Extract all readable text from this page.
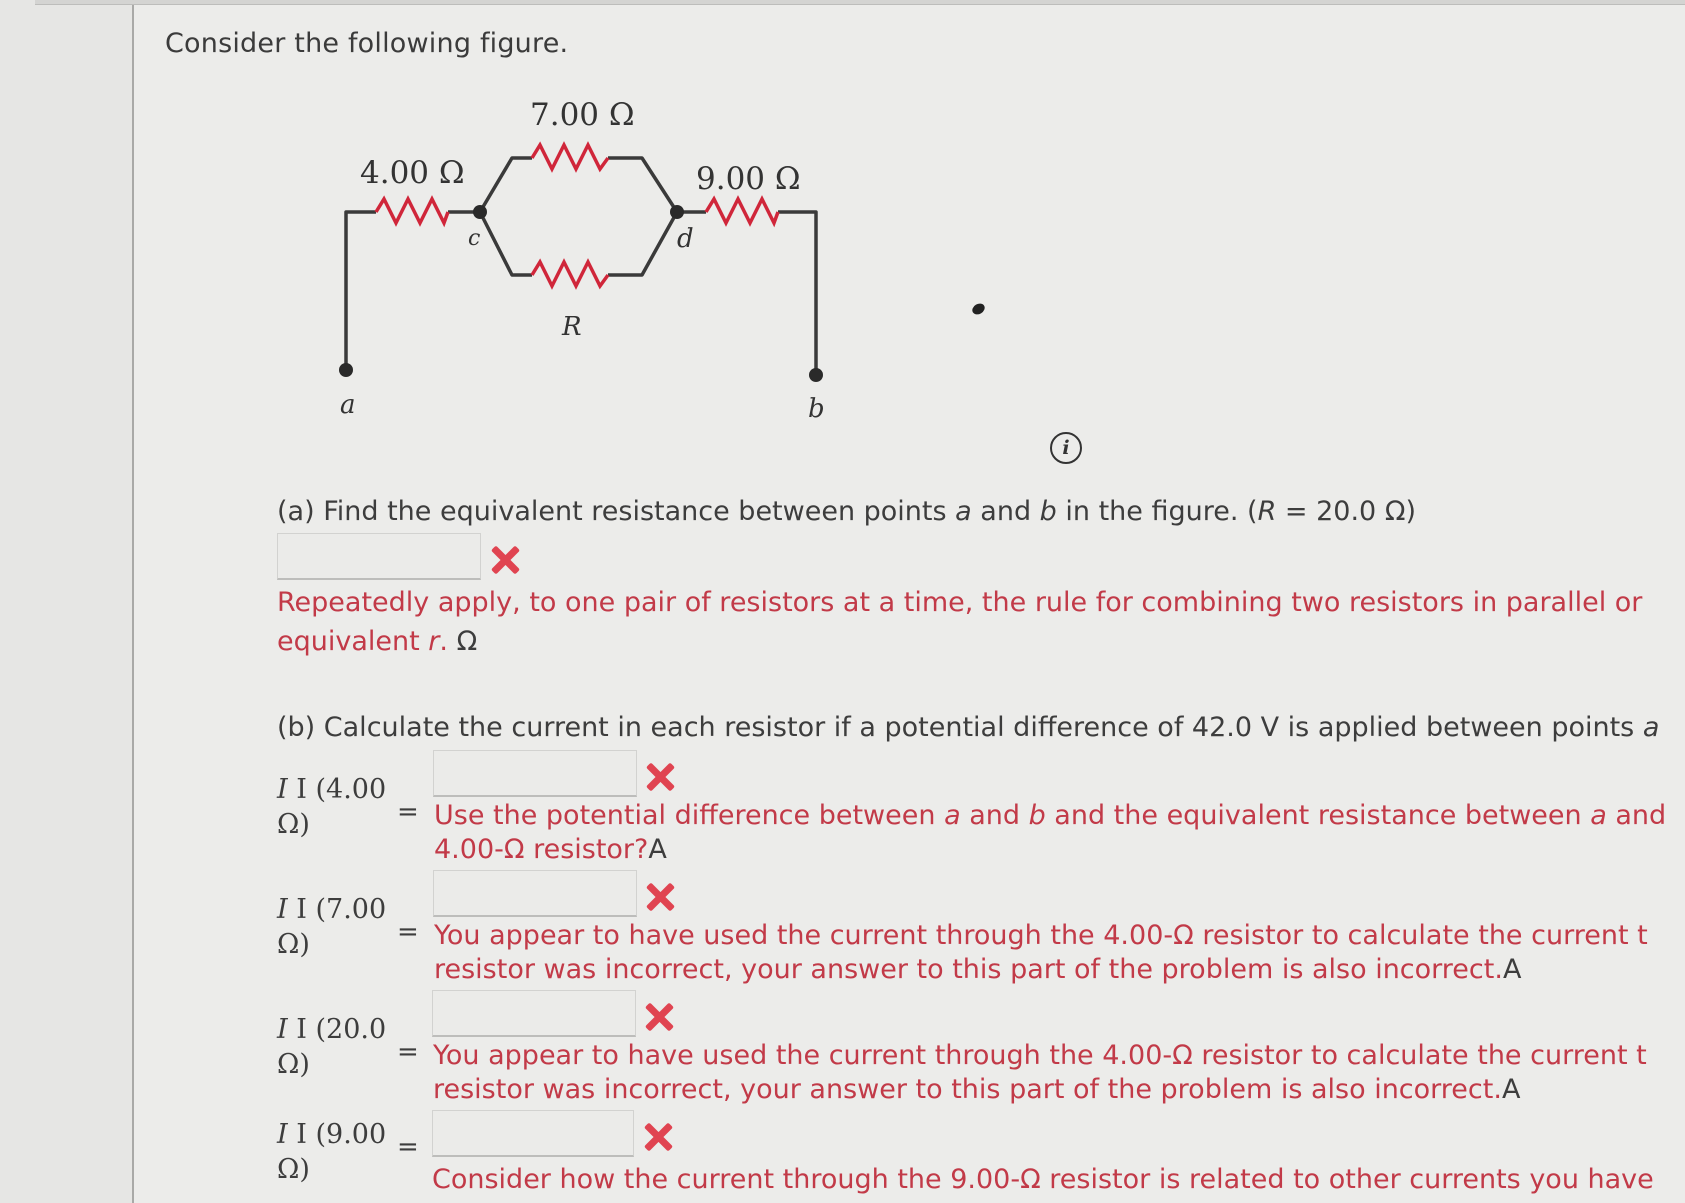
Consider the following figure.
4.00 Ω
7.00 Ω
9.00 Ω
R
a	b
c	d
i
(a) Find the equivalent resistance between points a and b in the figure. (R = 20.0 Ω)
Repeatedly apply, to one pair of resistors at a time, the rule for combining two resistors in parallel or
equivalent r. Ω
(b) Calculate the current in each resistor if a potential difference of 42.0 V is applied between points a
I I (4.00
Ω)	= Use the potential difference between a and b and the equivalent resistance between a and
4.00-Ω resistor?A
I I (7.00
Ω)	= You appear to have used the current through the 4.00-Ω resistor to calculate the current t
resistor was incorrect, your answer to this part of the problem is also incorrect.A
I I (20.0
Ω)	= You appear to have used the current through the 4.00-Ω resistor to calculate the current t
resistor was incorrect, your answer to this part of the problem is also incorrect.A
I I (9.00
Ω)
=
Consider how the current through the 9.00-Ω resistor is related to other currents you have
